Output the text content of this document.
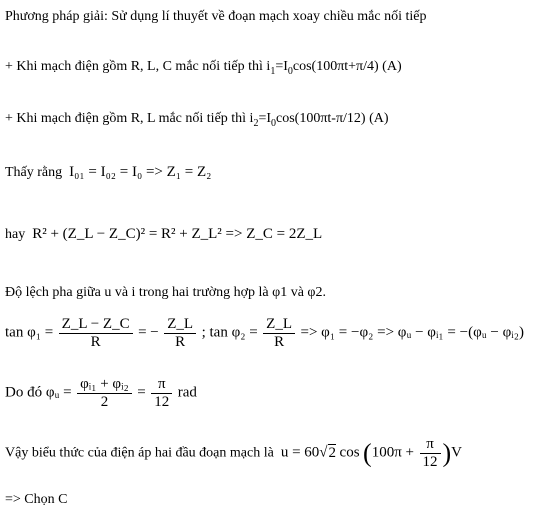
Phương pháp giải: Sử dụng lí thuyết về đoạn mạch xoay chiều mắc nối tiếp
+ Khi mạch điện gồm R, L, C mắc nối tiếp thì $i_1=I_0\cos(100\pi t+\pi/4)$ (A)
+ Khi mạch điện gồm R, L mắc nối tiếp thì $i_2=I_0\cos(100\pi t-\pi/12)$ (A)
Thấy rằng I₀₁ = I₀₂ = I₀ => Z₁ = Z₂
hay R² + (Z_L − Z_C)² = R² + Z_L² => Z_C = 2Z_L
Độ lệch pha giữa u và i trong hai trường hợp là φ1 và φ2.
$\tan \varphi_1 = \frac{Z\_L - Z\_C}{R}$ = − $\frac{Z\_L}{R}$ ; $\tan \varphi_2 = \frac{Z\_L}{R} => \varphi_1 = -\varphi_2$ => φᵤ − φᵢ₁ = −(φᵤ − φᵢ₂)
Do đó φᵤ = $\frac{\text{φᵢ₁ + φᵢ₂}}{2} = \frac{\pi}{12}$ rad
Vậy biểu thức của điện áp hai đầu đoạn mạch là u = 60√2 $\cos (100\pi + \frac{\pi}{12} )V$
=> Chọn C
